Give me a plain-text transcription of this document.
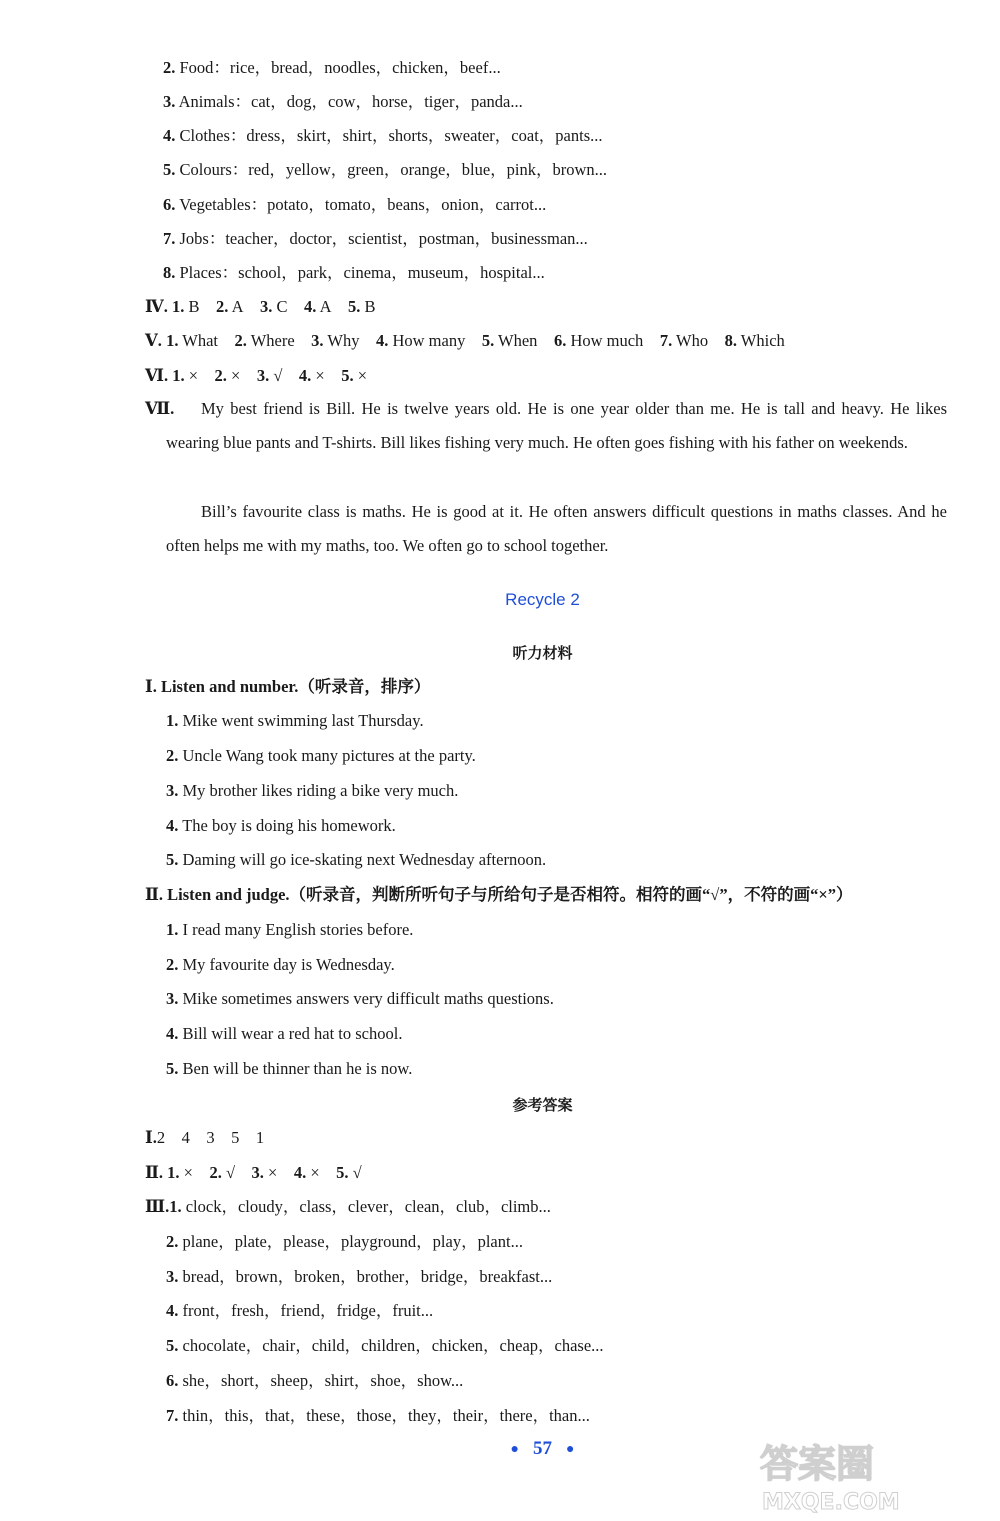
2. Food：rice，bread，noodles，chicken，beef...
3. Animals：cat，dog，cow，horse，tiger，panda...
4. Clothes：dress，skirt，shirt，shorts，sweater，coat，pants...
5. Colours：red，yellow，green，orange，blue，pink，brown...
6. Vegetables：potato，tomato，beans，onion，carrot...
7. Jobs：teacher，doctor，scientist，postman，businessman...
8. Places：school，park，cinema，museum，hospital...
Ⅳ. 1. B 2. A 3. C 4. A 5. B
Ⅴ. 1. What 2. Where 3. Why 4. How many 5. When 6. How much 7. Who 8. Which
Ⅵ. 1. × 2. × 3. √ 4. × 5. ×
Ⅶ.	My best friend is Bill. He is twelve years old. He is one year older than me. He is tall and heavy. He likes wearing blue pants and T-shirts. Bill likes fishing very much. He often goes fishing with his father on weekends.
Bill’s favourite class is maths. He is good at it. He often answers difficult questions in maths classes. And he often helps me with my maths, too. We often go to school together.
Recycle 2
听力材料
Ⅰ. Listen and number.（听录音，排序）
1. Mike went swimming last Thursday.
2. Uncle Wang took many pictures at the party.
3. My brother likes riding a bike very much.
4. The boy is doing his homework.
5. Daming will go ice-skating next Wednesday afternoon.
Ⅱ. Listen and judge.（听录音，判断所听句子与所给句子是否相符。相符的画“√”，不符的画“×”）
1. I read many English stories before.
2. My favourite day is Wednesday.
3. Mike sometimes answers very difficult maths questions.
4. Bill will wear a red hat to school.
5. Ben will be thinner than he is now.
参考答案
Ⅰ.2　4　3　5　1
Ⅱ. 1. × 2. √ 3. × 4. × 5. √
Ⅲ.1. clock，cloudy，class，clever，clean，club，climb...
2. plane，plate，please，playground，play，plant...
3. bread，brown，broken，brother，bridge，breakfast...
4. front，fresh，friend，fridge，fruit...
5. chocolate，chair，child，children，chicken，cheap，chase...
6. she，short，sheep，shirt，shoe，show...
7. thin，this，that，these，those，they，their，there，than...
● 57 ●	答案圈
MXQE.COM
